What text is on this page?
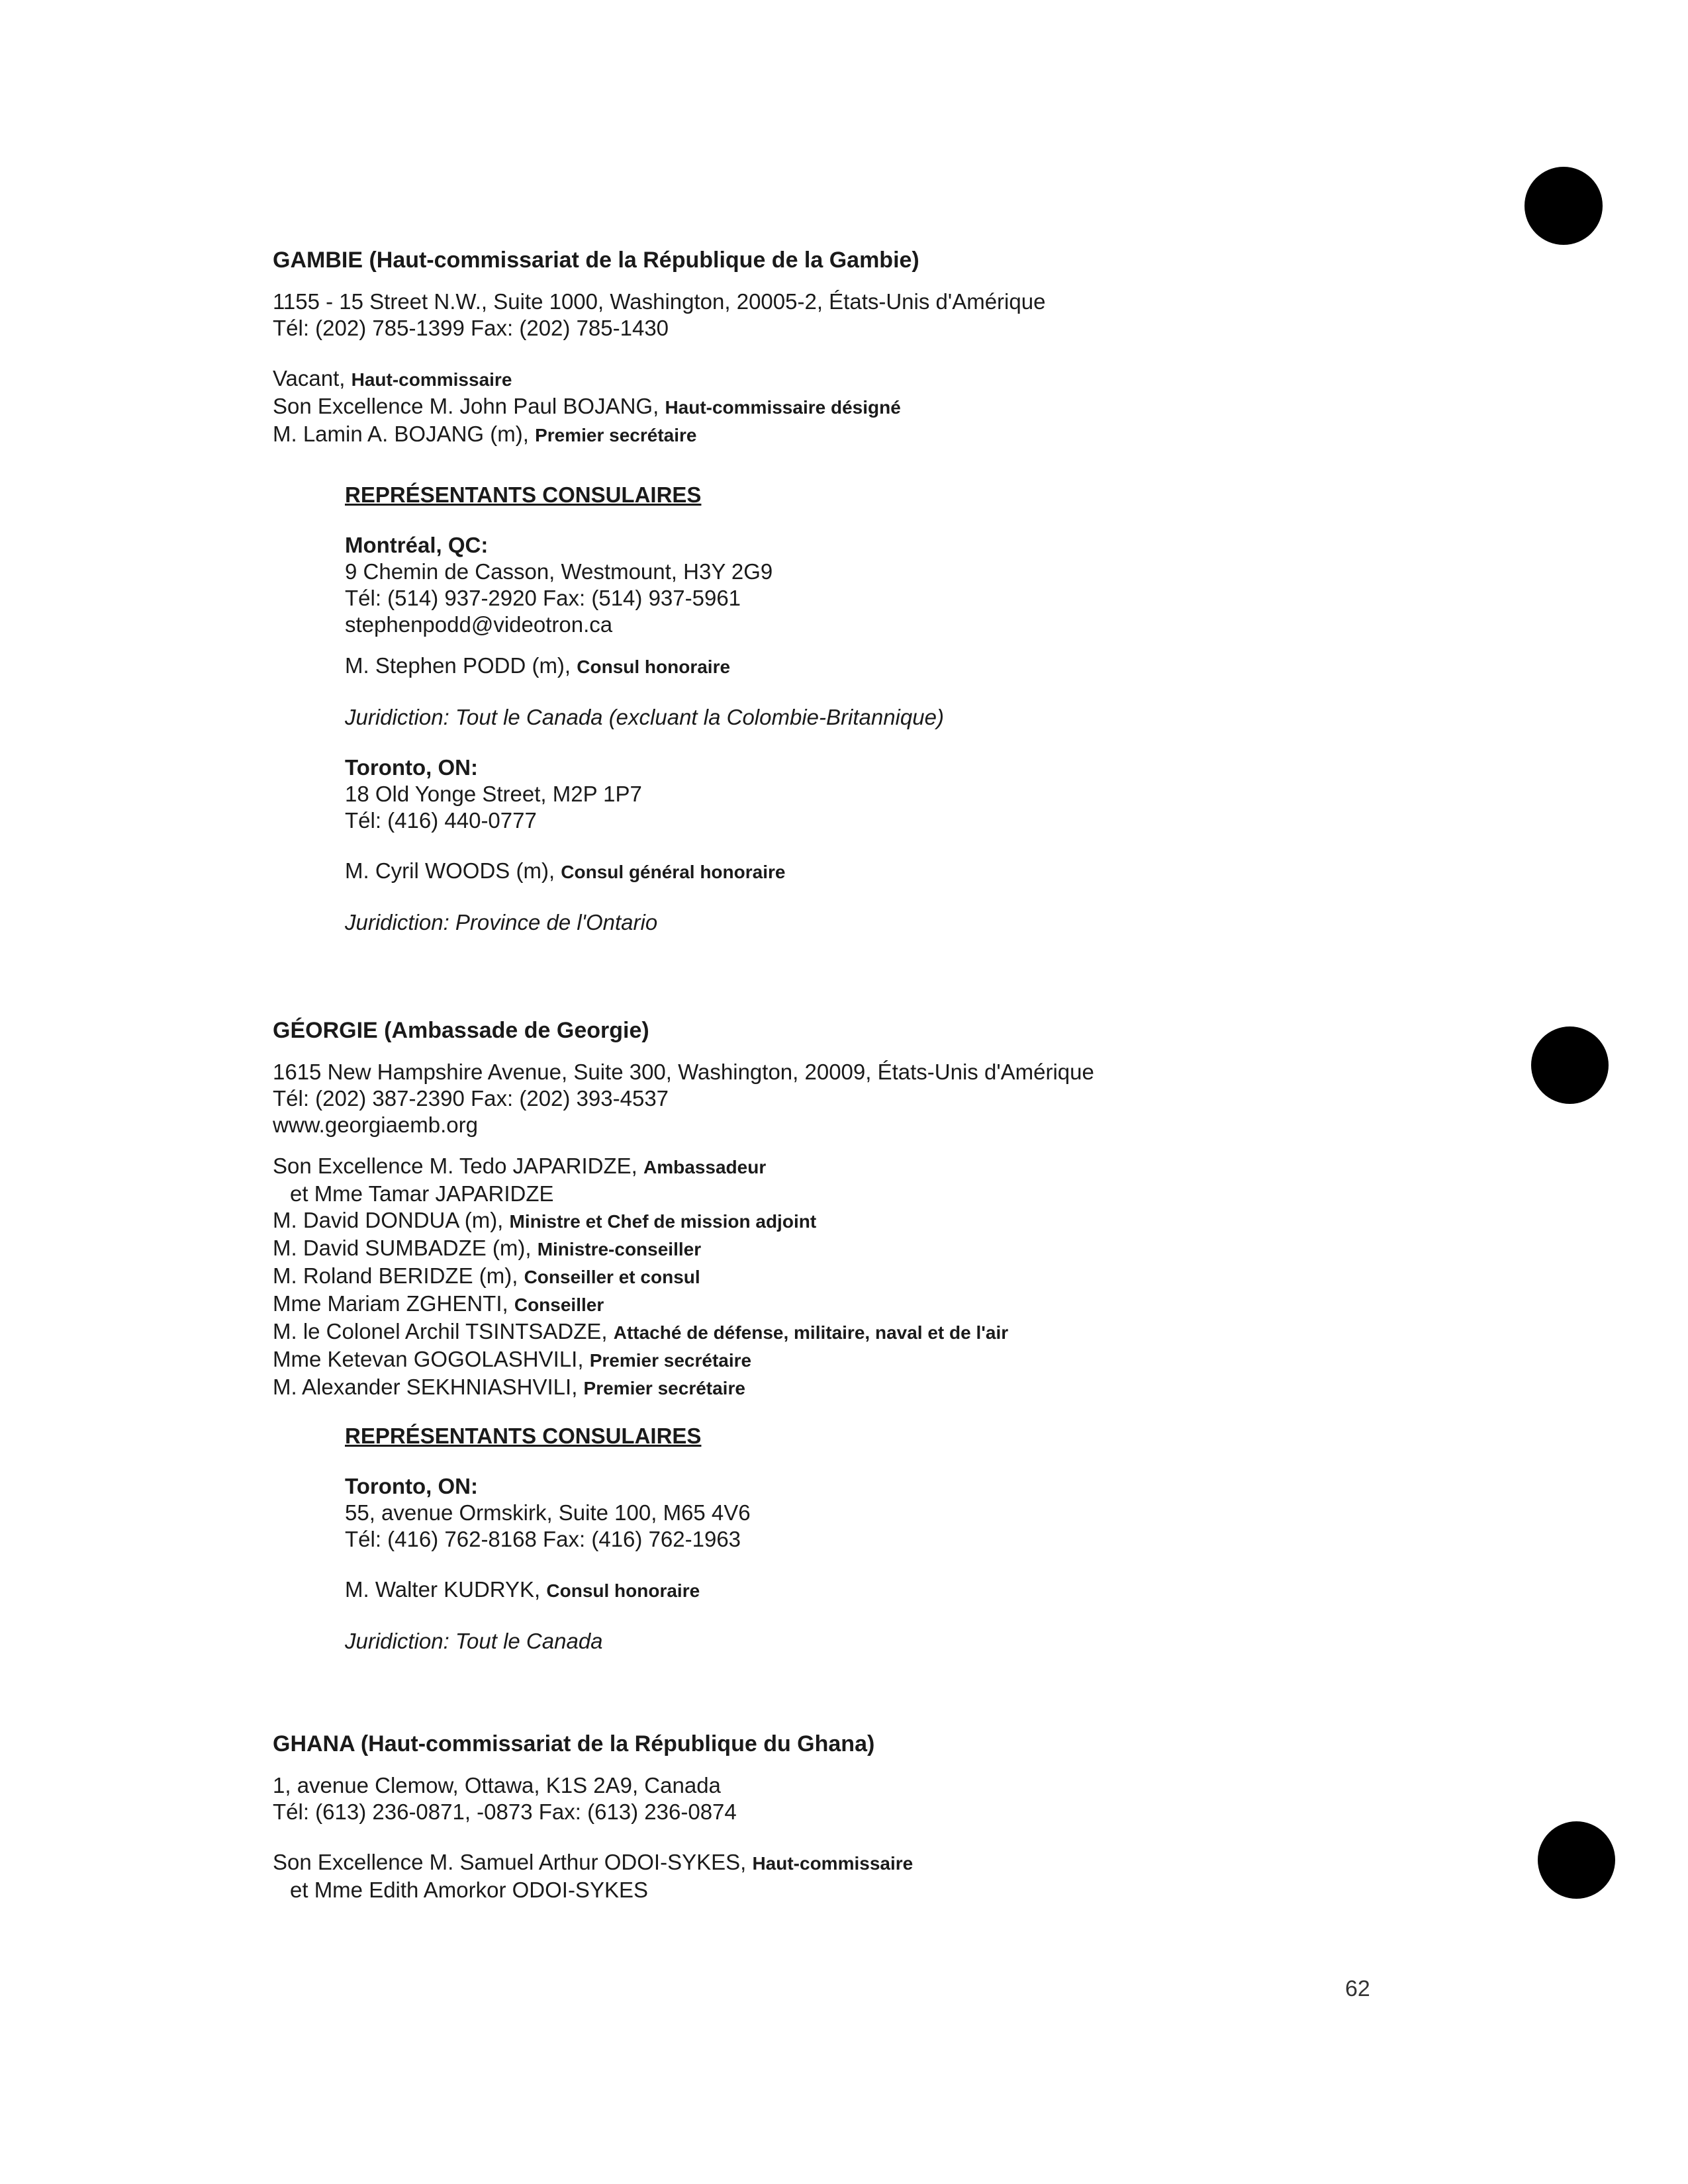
GAMBIE (Haut-commissariat de la République de la Gambie)
1155 - 15 Street N.W., Suite 1000, Washington, 20005-2, États-Unis d'Amérique
Tél: (202) 785-1399 Fax: (202) 785-1430
Vacant, Haut-commissaire
Son Excellence M. John Paul BOJANG, Haut-commissaire désigné
M. Lamin A. BOJANG (m), Premier secrétaire
REPRÉSENTANTS CONSULAIRES
Montréal, QC:
9 Chemin de Casson, Westmount, H3Y 2G9
Tél: (514) 937-2920 Fax: (514) 937-5961
stephenpodd@videotron.ca
M. Stephen PODD (m), Consul honoraire
Juridiction: Tout le Canada (excluant la Colombie-Britannique)
Toronto, ON:
18 Old Yonge Street, M2P 1P7
Tél: (416) 440-0777
M. Cyril WOODS (m), Consul général honoraire
Juridiction: Province de l'Ontario
GÉORGIE (Ambassade de Georgie)
1615 New Hampshire Avenue, Suite 300, Washington, 20009, États-Unis d'Amérique
Tél: (202) 387-2390 Fax: (202) 393-4537
www.georgiaemb.org
Son Excellence M. Tedo JAPARIDZE, Ambassadeur
et Mme Tamar JAPARIDZE
M. David DONDUA (m), Ministre et Chef de mission adjoint
M. David SUMBADZE (m), Ministre-conseiller
M. Roland BERIDZE (m), Conseiller et consul
Mme Mariam ZGHENTI, Conseiller
M. le Colonel Archil TSINTSADZE, Attaché de défense, militaire, naval et de l'air
Mme Ketevan GOGOLASHVILI, Premier secrétaire
M. Alexander SEKHNIASHVILI, Premier secrétaire
REPRÉSENTANTS CONSULAIRES
Toronto, ON:
55, avenue Ormskirk, Suite 100, M65 4V6
Tél: (416) 762-8168 Fax: (416) 762-1963
M. Walter KUDRYK, Consul honoraire
Juridiction: Tout le Canada
GHANA (Haut-commissariat de la République du Ghana)
1, avenue Clemow, Ottawa, K1S 2A9, Canada
Tél: (613) 236-0871, -0873 Fax: (613) 236-0874
Son Excellence M. Samuel Arthur ODOI-SYKES, Haut-commissaire
et Mme Edith Amorkor ODOI-SYKES
62
